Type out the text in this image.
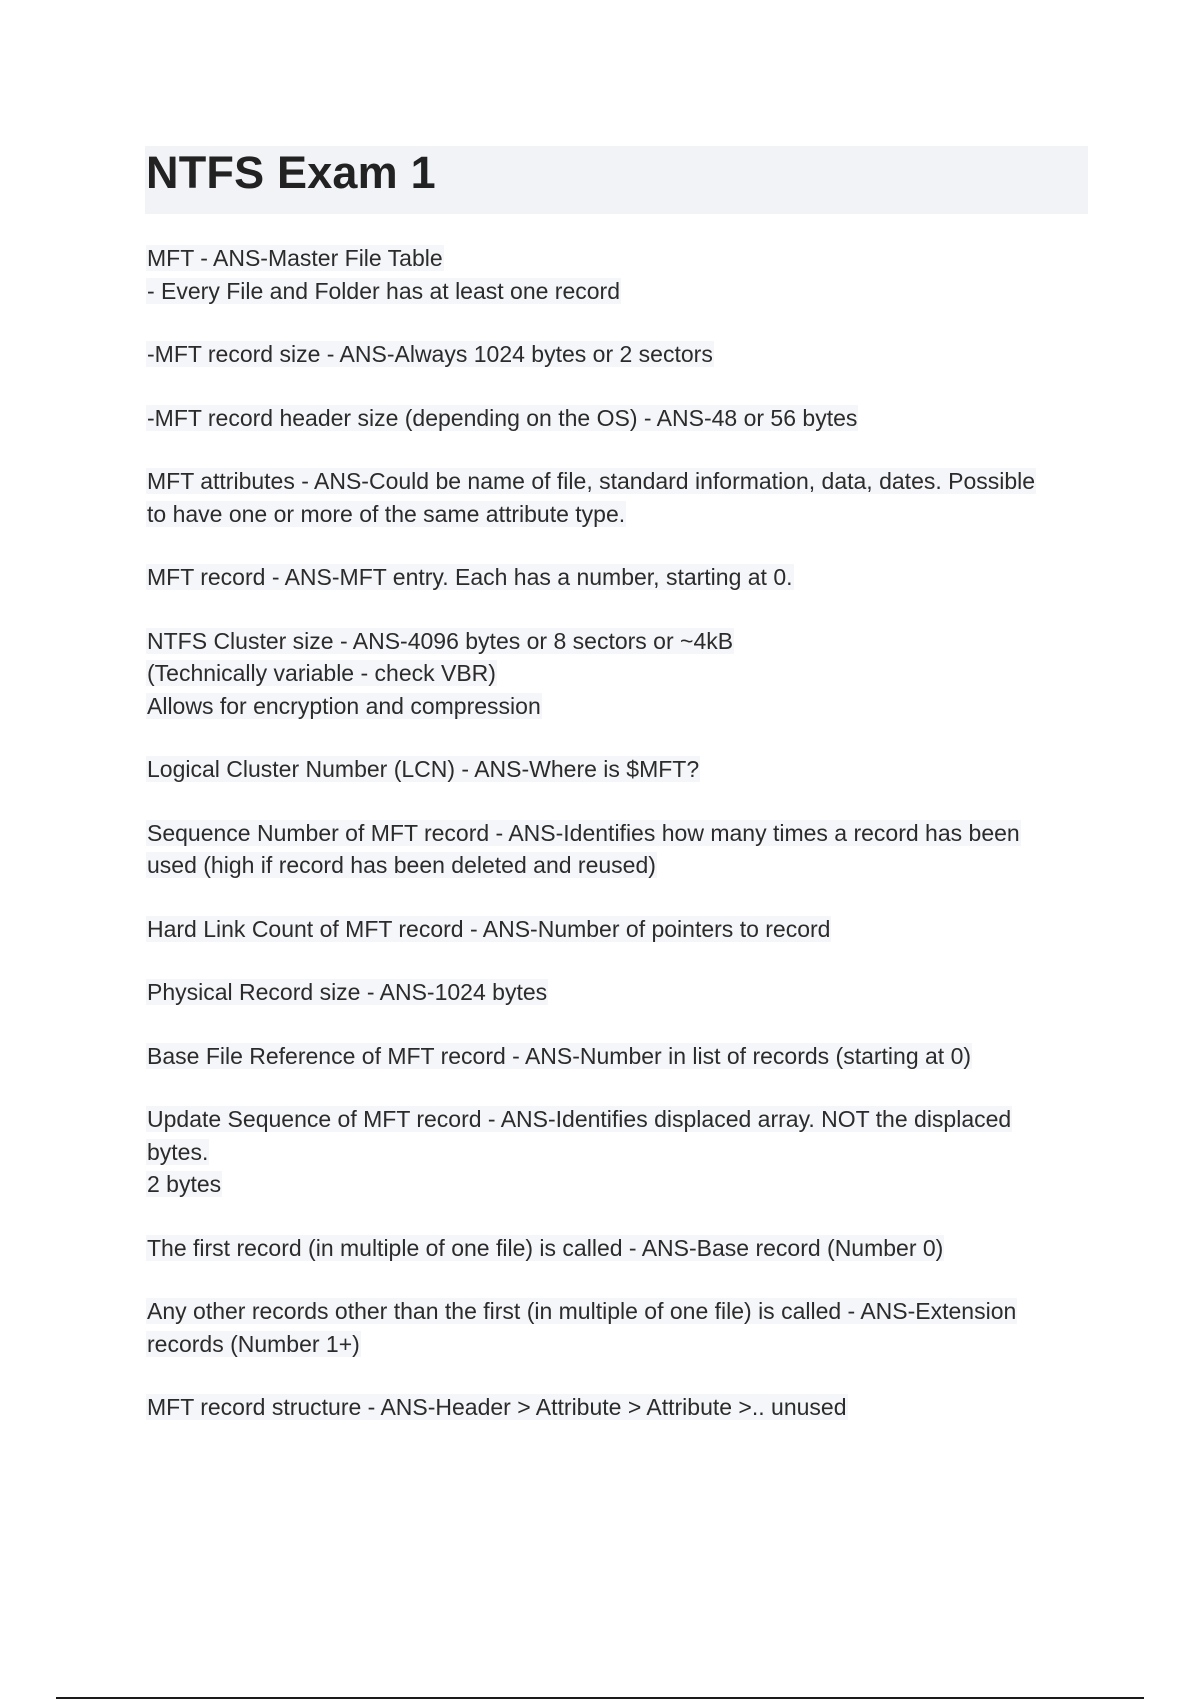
NTFS Exam 1
MFT - ANS-Master File Table
- Every File and Folder has at least one record
-MFT record size - ANS-Always 1024 bytes or 2 sectors
-MFT record header size (depending on the OS) - ANS-48 or 56 bytes
MFT attributes - ANS-Could be name of file, standard information, data, dates. Possible
to have one or more of the same attribute type.
MFT record - ANS-MFT entry. Each has a number, starting at 0.
NTFS Cluster size - ANS-4096 bytes or 8 sectors or ~4kB
(Technically variable - check VBR)
Allows for encryption and compression
Logical Cluster Number (LCN) - ANS-Where is $MFT?
Sequence Number of MFT record - ANS-Identifies how many times a record has been
used (high if record has been deleted and reused)
Hard Link Count of MFT record - ANS-Number of pointers to record
Physical Record size - ANS-1024 bytes
Base File Reference of MFT record - ANS-Number in list of records (starting at 0)
Update Sequence of MFT record - ANS-Identifies displaced array. NOT the displaced
bytes.
2 bytes
The first record (in multiple of one file) is called - ANS-Base record (Number 0)
Any other records other than the first (in multiple of one file) is called - ANS-Extension
records (Number 1+)
MFT record structure - ANS-Header > Attribute > Attribute >.. unused
